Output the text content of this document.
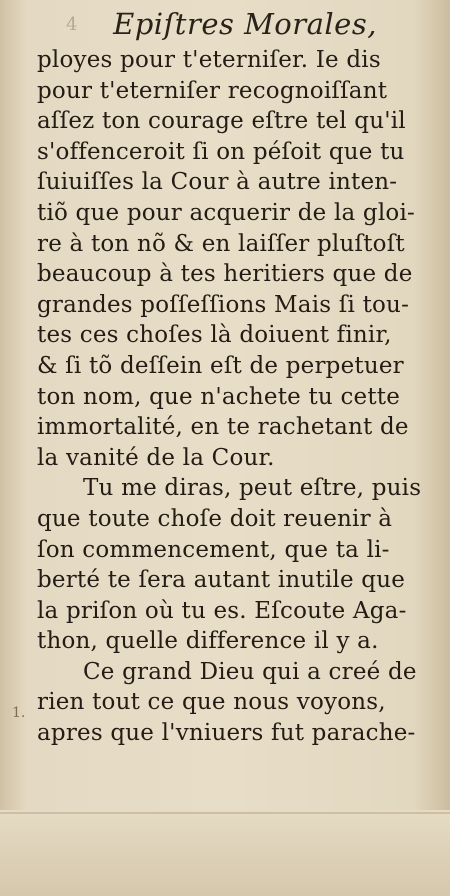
4 Epiſtres Morales,
ployes pour t'eterniſer. Ie dis
pour t'eterniſer recognoiſſant
aſſez ton courage eſtre tel qu'il
s'offenceroit ſi on péſoit que tu
ſuiuiſſes la Cour à autre inten-
tiõ que pour acquerir de la gloi-
re à ton nõ & en laiſſer pluſtoſt
beaucoup à tes heritiers que de
grandes poſſeſſions Mais ſi tou-
tes ces choſes là doiuent finir,
& ſi tõ deſſein eſt de perpetuer
ton nom, que n'achete tu cette
immortalité, en te rachetant de
la vanité de la Cour.
Tu me diras, peut eſtre, puis
que toute choſe doit reuenir à
ſon commencement, que ta li-
berté te ſera autant inutile que
la priſon où tu es. Eſcoute Aga-
thon, quelle difference il y a.
Ce grand Dieu qui a creé de
rien tout ce que nous voyons,
apres que l'vniuers fut parache-
1.
